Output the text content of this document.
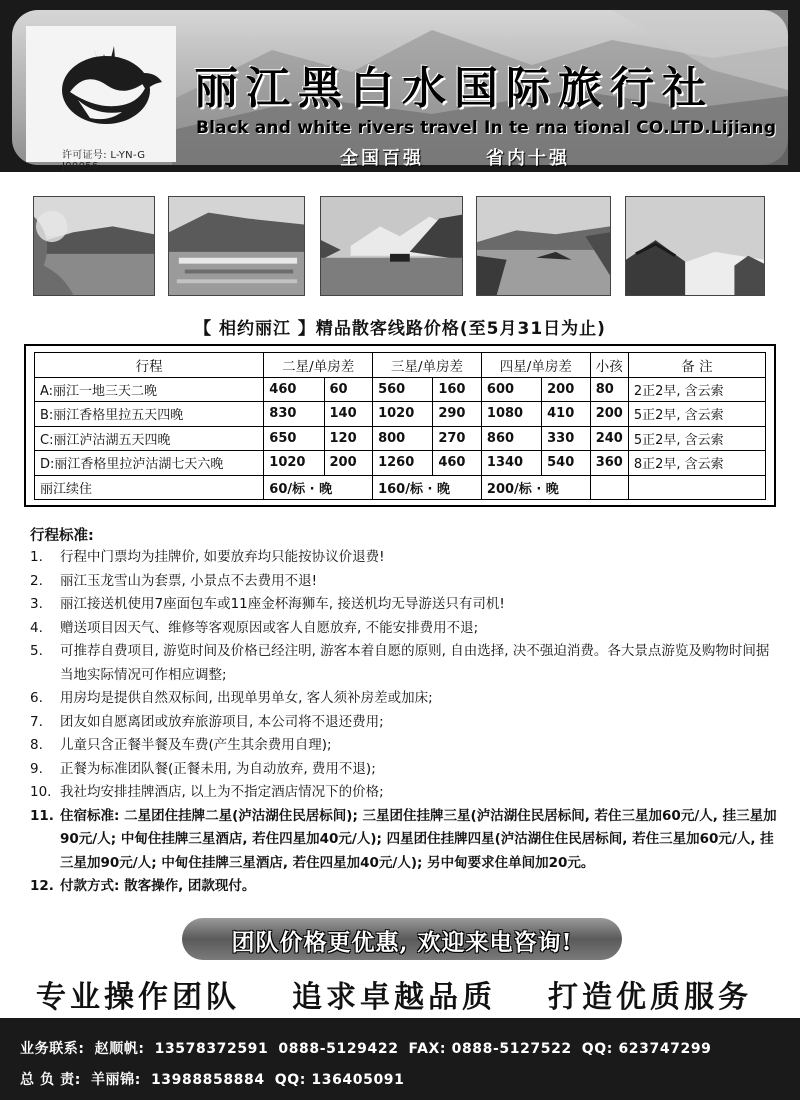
许可证号: L-YN-G J00056
丽江黑白水国际旅行社
Black and white rivers travel In te rna tional CO.LTD.Lijiang
全国百强	省内十强
【 相约丽江 】精品散客线路价格(至5月31日为止)
行程	二星/单房差		三星/单房差		四星/单房差		小孩	备 注
A:丽江一地三天二晚	460	60	560	160	600	200	80	2正2早, 含云索
B:丽江香格里拉五天四晚	830	140	1020	290	1080	410	200	5正2早, 含云索
C:丽江泸沽湖五天四晚	650	120	800	270	860	330	240	5正2早, 含云索
D:丽江香格里拉泸沽湖七天六晚	1020	200	1260	460	1340	540	360	8正2早, 含云索
丽江续住	60/标 · 晚		160/标 · 晚		200/标 · 晚			
行程标准:
1.	行程中门票均为挂牌价, 如要放弃均只能按协议价退费!
2.	丽江玉龙雪山为套票, 小景点不去费用不退!
3.	丽江接送机使用7座面包车或11座金杯海狮车, 接送机均无导游送只有司机!
4.	赠送项目因天气、维修等客观原因或客人自愿放弃, 不能安排费用不退;
5.	可推荐自费项目, 游览时间及价格已经注明, 游客本着自愿的原则, 自由选择, 决不强迫消费。各大景点游览及购物时间据当地实际情况可作相应调整;
6.	用房均是提供自然双标间, 出现单男单女, 客人须补房差或加床;
7.	团友如自愿离团或放弃旅游项目, 本公司将不退还费用;
8.	儿童只含正餐半餐及车费(产生其余费用自理);
9.	正餐为标准团队餐(正餐未用, 为自动放弃, 费用不退);
10. 我社均安排挂牌酒店, 以上为不指定酒店情况下的价格;
11. 住宿标准: 二星团住挂牌二星(泸沽湖住民居标间); 三星团住挂牌三星(泸沽湖住民居标间, 若住三星加60元/人, 挂三星加90元/人; 中甸住挂牌三星酒店, 若住四星加40元/人); 四星团住挂牌四星(泸沽湖住住民居标间, 若住三星加60元/人, 挂三星加90元/人; 中甸住挂牌三星酒店, 若住四星加40元/人); 另中甸要求住单间加20元。
12. 付款方式: 散客操作, 团款现付。
团队价格更优惠, 欢迎来电咨询!
专业操作团队 追求卓越品质 打造优质服务
业务联系: 赵顺帆: 13578372591 0888-5129422 FAX: 0888-5127522 QQ: 623747299
总 负 责: 羊丽锦: 13988858884 QQ: 136405091
